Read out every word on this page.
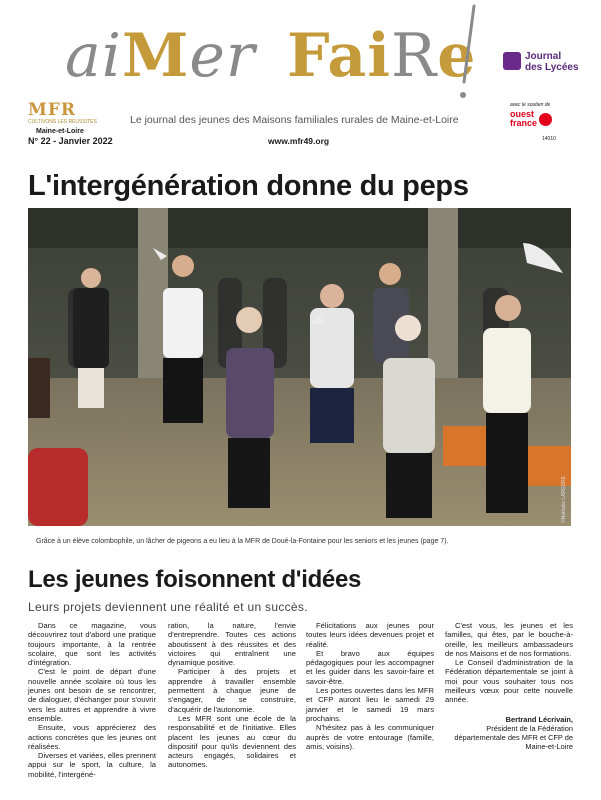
aiMer FaiRe	Journal
des Lycées
MFR
CULTIVONS LES RÉUSSITES
Maine-et-Loire
Le journal des jeunes des Maisons familiales rurales de Maine-et-Loire
N° 22 - Janvier 2022	www.mfr49.org
avec le soutien de
ouest
france
14010
L'intergénération donne du peps
©Nathalie LAREDRE
Grâce à un élève colombophile, un lâcher de pigeons a eu lieu à la MFR de Doué-la-Fontaine pour les seniors et les jeunes (page 7).
Les jeunes foisonnent d'idées
Leurs projets deviennent une réalité et un succès.

Dans ce magazine, vous découvrirez tout d'abord une pratique toujours importante, à la rentrée scolaire, que sont les activités d'intégration.

C'est le point de départ d'une nouvelle année scolaire où tous les jeunes ont besoin de se rencontrer, de dialoguer, d'échanger pour s'ouvrir vers les autres et apprendre à vivre ensemble.

Ensuite, vous apprécierez des actions concrètes que les jeunes ont réalisées.

Diverses et variées, elles prennent appui sur le sport, la culture, la mobilité, l'intergéné-

ration, la nature, l'envie d'entreprendre. Toutes ces actions aboutissent à des réussites et des victoires qui entraînent une dynamique positive.

Participer à des projets et apprendre à travailler ensemble permettent à chaque jeune de s'engager, de se construire, d'acquérir de l'autonomie.

Les MFR sont une école de la responsabilité et de l'initiative. Elles placent les jeunes au cœur du dispositif pour qu'ils deviennent des acteurs engagés, solidaires et autonomes.

Félicitations aux jeunes pour toutes leurs idées devenues projet et réalité.

Et bravo aux équipes pédagogiques pour les accompagner et les guider dans les savoir-faire et savoir-être.

Les portes ouvertes dans les MFR et CFP auront lieu le samedi 29 janvier et le samedi 19 mars prochains.

N'hésitez pas à les communiquer auprès de votre entourage (famille, amis, voisins).

C'est vous, les jeunes et les familles, qui êtes, par le bouche-à-oreille, les meilleurs ambassadeurs de nos Maisons et de nos formations.

Le Conseil d'administration de la Fédération départementale se joint à moi pour vous souhaiter tous nos meilleurs vœux pour cette nouvelle année.

Bertrand Lécrivain,
Président de la Fédération départementale des MFR et CFP de Maine-et-Loire
